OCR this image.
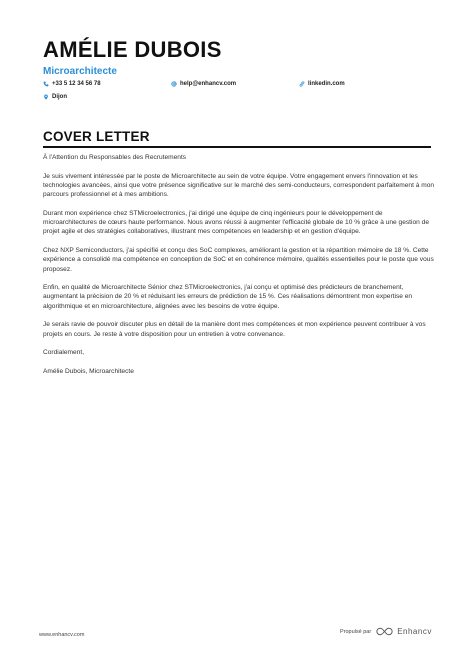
AMÉLIE DUBOIS
Microarchitecte
+33 5 12 34 56 78	help@enhancv.com	linkedin.com
Dijon
COVER LETTER

À l'Attention du Responsables des Recrutements

Je suis vivement intéressée par le poste de Microarchitecte au sein de votre équipe. Votre engagement envers l'innovation et les technologies avancées, ainsi que votre présence significative sur le marché des semi-conducteurs, correspondent parfaitement à mon parcours professionnel et à mes ambitions.

Durant mon expérience chez STMicroelectronics, j'ai dirigé une équipe de cinq ingénieurs pour le développement de microarchitectures de cœurs haute performance. Nous avons réussi à augmenter l'efficacité globale de 10 % grâce à une gestion de projet agile et des stratégies collaboratives, illustrant mes compétences en leadership et en gestion d'équipe.

Chez NXP Semiconductors, j'ai spécifié et conçu des SoC complexes, améliorant la gestion et la répartition mémoire de 18 %. Cette expérience a consolidé ma compétence en conception de SoC et en cohérence mémoire, qualités essentielles pour le poste que vous proposez.

Enfin, en qualité de Microarchitecte Sénior chez STMicroelectronics, j'ai conçu et optimisé des prédicteurs de branchement, augmentant la précision de 20 % et réduisant les erreurs de prédiction de 15 %. Ces réalisations démontrent mon expertise en algorithmique et en microarchitecture, alignées avec les besoins de votre équipe.

Je serais ravie de pouvoir discuter plus en détail de la manière dont mes compétences et mon expérience peuvent contribuer à vos projets en cours. Je reste à votre disposition pour un entretien à votre convenance.

Cordialement,

Amélie Dubois, Microarchitecte

www.enhancv.com
Propulsé par	Enhancv
